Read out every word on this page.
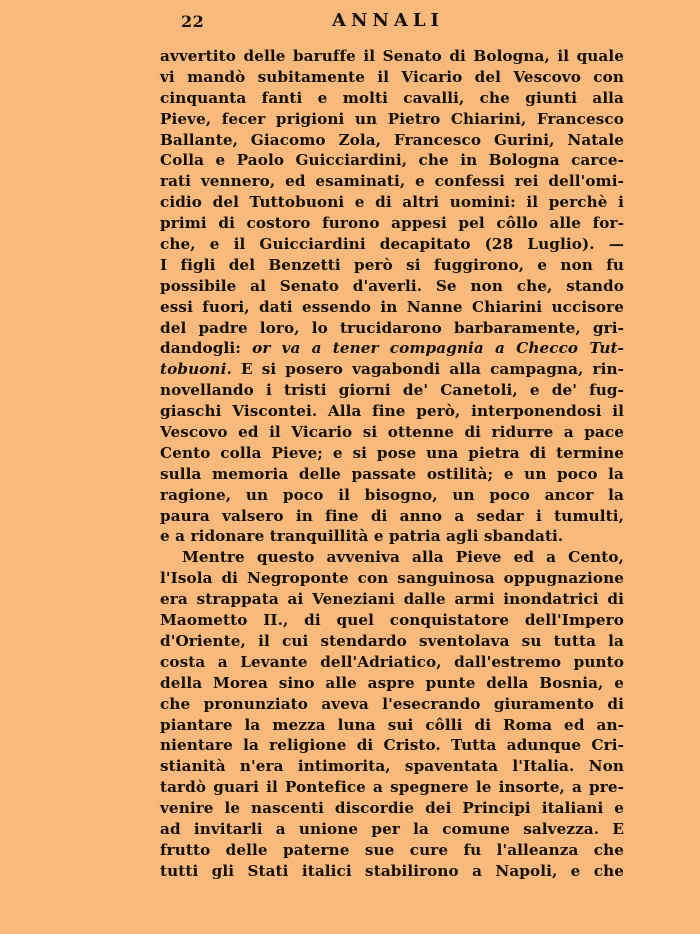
22	ANNALI
avvertito delle baruffe il Senato di Bologna, il quale
vi mandò subitamente il Vicario del Vescovo con
cinquanta fanti e molti cavalli, che giunti alla
Pieve, fecer prigioni un Pietro Chiarini, Francesco
Ballante, Giacomo Zola, Francesco Gurini, Natale
Colla e Paolo Guicciardini, che in Bologna carce-
rati vennero, ed esaminati, e confessi rei dell'omi-
cidio del Tuttobuoni e di altri uomini: il perchè i
primi di costoro furono appesi pel côllo alle for-
che, e il Guicciardini decapitato (28 Luglio). —
I figli del Benzetti però si fuggirono, e non fu
possibile al Senato d'averli. Se non che, stando
essi fuori, dati essendo in Nanne Chiarini uccisore
del padre loro, lo trucidarono barbaramente, gri-
dandogli: or va a tener compagnia a Checco Tut-
tobuoni. E si posero vagabondi alla campagna, rin-
novellando i tristi giorni de' Canetoli, e de' fug-
giaschi Viscontei. Alla fine però, interponendosi il
Vescovo ed il Vicario si ottenne di ridurre a pace
Cento colla Pieve; e si pose una pietra di termine
sulla memoria delle passate ostilità; e un poco la
ragione, un poco il bisogno, un poco ancor la
paura valsero in fine di anno a sedar i tumulti,
e a ridonare tranquillità e patria agli sbandati.
Mentre questo avveniva alla Pieve ed a Cento,
l'Isola di Negroponte con sanguinosa oppugnazione
era strappata ai Veneziani dalle armi inondatrici di
Maometto II., di quel conquistatore dell'Impero
d'Oriente, il cui stendardo sventolava su tutta la
costa a Levante dell'Adriatico, dall'estremo punto
della Morea sino alle aspre punte della Bosnia, e
che pronunziato aveva l'esecrando giuramento di
piantare la mezza luna sui côlli di Roma ed an-
nientare la religione di Cristo. Tutta adunque Cri-
stianità n'era intimorita, spaventata l'Italia. Non
tardò guari il Pontefice a spegnere le insorte, a pre-
venire le nascenti discordie dei Principi italiani e
ad invitarli a unione per la comune salvezza. E
frutto delle paterne sue cure fu l'alleanza che
tutti gli Stati italici stabilirono a Napoli, e che
